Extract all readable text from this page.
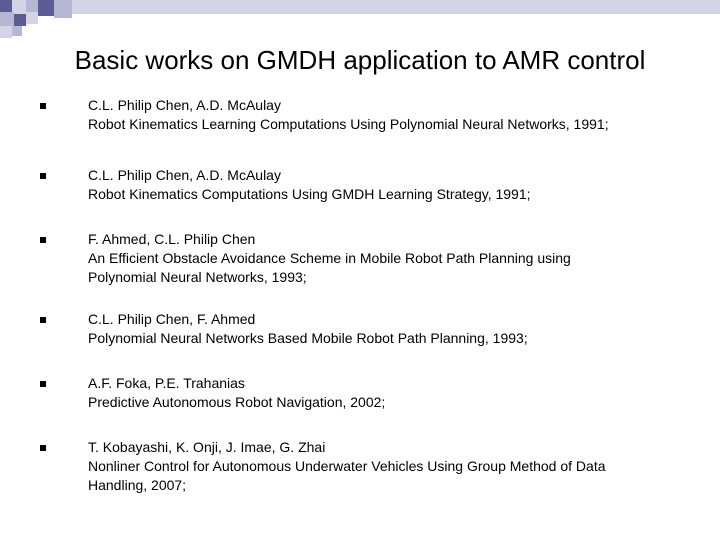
Basic works on GMDH application to AMR control
C.L. Philip Chen, A.D. McAulay
Robot Kinematics Learning Computations Using Polynomial Neural Networks, 1991;
C.L. Philip Chen, A.D. McAulay
Robot Kinematics Computations Using GMDH Learning Strategy, 1991;
F. Ahmed, C.L. Philip Chen
An Efficient Obstacle Avoidance Scheme in Mobile Robot Path Planning using
Polynomial Neural Networks, 1993;
C.L. Philip Chen, F. Ahmed
Polynomial Neural Networks Based Mobile Robot Path Planning, 1993;
A.F. Foka, P.E. Trahanias
Predictive Autonomous Robot Navigation, 2002;
T. Kobayashi, K. Onji, J. Imae, G. Zhai
Nonliner Control for Autonomous Underwater Vehicles Using Group Method of Data
Handling, 2007;
